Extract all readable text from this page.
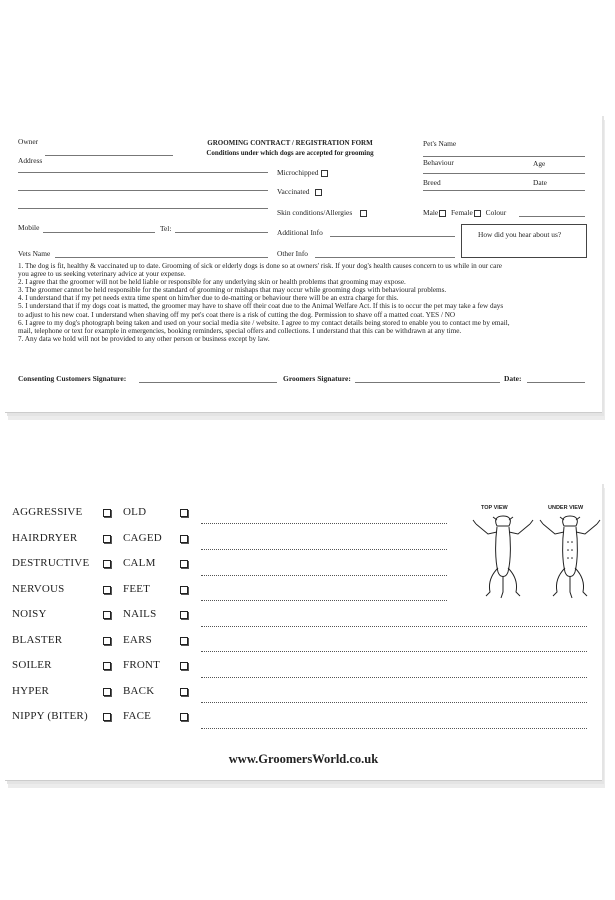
Owner
Address
Mobile	Tel:
Vets Name
GROOMING CONTRACT / REGISTRATION FORM
Conditions under which dogs are accepted for grooming
Microchipped
Vaccinated
Skin conditions/Allergies
Additional Info
Other Info
Pet's Name
Behaviour	Age
Breed	Date
Male Female Colour
How did you hear about us?
1. The dog is fit, healthy & vaccinated up to date. Grooming of sick or elderly dogs is done so at owners' risk. If your dog's health causes concern to us while in our care
you agree to us seeking veterinary advice at your expense.
2. I agree that the groomer will not be held liable or responsible for any underlying skin or health problems that grooming may expose.
3. The groomer cannot be held responsible for the standard of grooming or mishaps that may occur while grooming dogs with behavioural problems.
4. I understand that if my pet needs extra time spent on him/her due to de-matting or behaviour there will be an extra charge for this.
5. I understand that if my dogs coat is matted, the groomer may have to shave off their coat due to the Animal Welfare Act. If this is to occur the pet may take a few days
to adjust to his new coat. I understand when shaving off my pet's coat there is a risk of cutting the dog. Permission to shave off a matted coat. YES / NO
6. I agree to my dog's photograph being taken and used on your social media site / website. I agree to my contact details being stored to enable you to contact me by email,
mail, telephone or text for example in emergencies, booking reminders, special offers and collections. I understand that this can be withdrawn at any time.
7. Any data we hold will not be provided to any other person or business except by law.
Consenting Customers Signature:	Groomers Signature:	Date:
AGGRESSIVE
HAIRDRYER
DESTRUCTIVE
NERVOUS
NOISY
BLASTER
SOILER
HYPER
NIPPY (BITER)
OLD
CAGED
CALM
FEET
NAILS
EARS
FRONT
BACK
FACE
TOP VIEW	UNDER VIEW
www.GroomersWorld.co.uk
